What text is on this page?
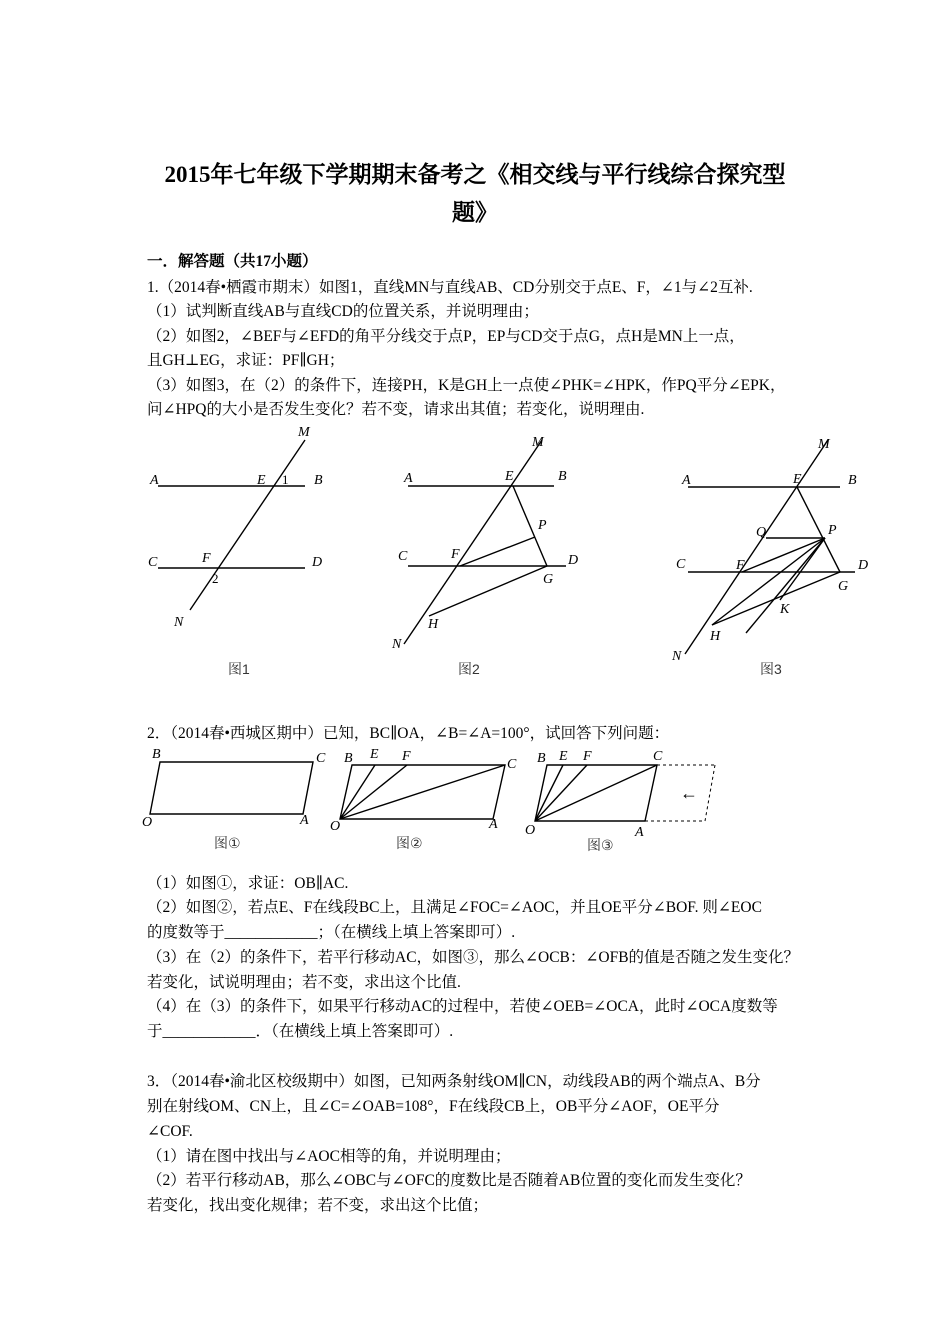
2015年七年级下学期期末备考之《相交线与平行线综合探究型
题》
一．解答题（共17小题）
1.（2014春•栖霞市期末）如图1，直线MN与直线AB、CD分别交于点E、F，∠1与∠2互补.
（1）试判断直线AB与直线CD的位置关系，并说明理由；
（2）如图2，∠BEF与∠EFD的角平分线交于点P，EP与CD交于点G，点H是MN上一点，
且GH⊥EG，求证：PF∥GH；
（3）如图3，在（2）的条件下，连接PH，K是GH上一点使∠PHK=∠HPK，作PQ平分∠EPK，
问∠HPQ的大小是否发生变化？若不变，请求出其值；若变化，说明理由.
A	B
C	D
E
F
M
N
1
2
图1
A	B
C	D
E
F
M
N
P
G
H
图2
A	B
C	D
E
F
M
N
P
G
H
Q
K
图3
2．（2014春•西城区期中）已知，BC∥OA，∠B=∠A=100°，试回答下列问题：
B	C
O	A
图①
B E F
C
O	A
图②
B E F	C
O	A
←
图③
（1）如图①，求证：OB∥AC.
（2）如图②，若点E、F在线段BC上，且满足∠FOC=∠AOC，并且OE平分∠BOF. 则∠EOC
的度数等于____________；（在横线上填上答案即可）.
（3）在（2）的条件下，若平行移动AC，如图③，那么∠OCB：∠OFB的值是否随之发生变化？
若变化，试说明理由；若不变，求出这个比值.
（4）在（3）的条件下，如果平行移动AC的过程中，若使∠OEB=∠OCA，此时∠OCA度数等
于____________．（在横线上填上答案即可）.
3．（2014春•渝北区校级期中）如图，已知两条射线OM∥CN，动线段AB的两个端点A、B分
别在射线OM、CN上，且∠C=∠OAB=108°，F在线段CB上，OB平分∠AOF，OE平分
∠COF.
（1）请在图中找出与∠AOC相等的角，并说明理由；
（2）若平行移动AB，那么∠OBC与∠OFC的度数比是否随着AB位置的变化而发生变化？
若变化，找出变化规律；若不变，求出这个比值；
